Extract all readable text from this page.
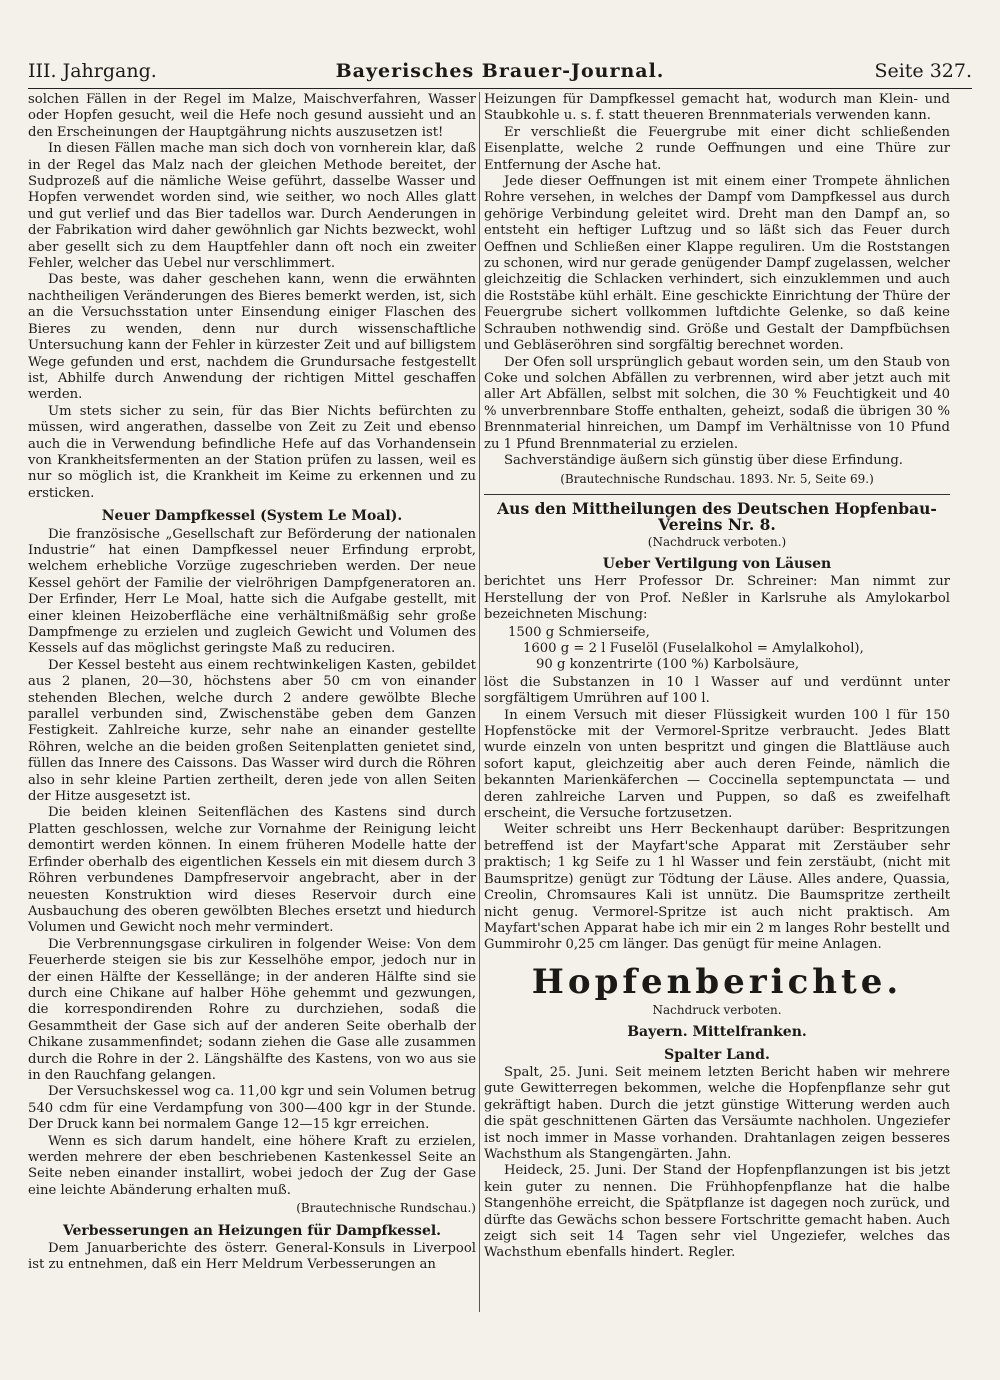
III. Jahrgang.	Bayerisches Brauer-Journal.	Seite 327.

solchen Fällen in der Regel im Malze, Maischverfahren, Wasser oder Hopfen gesucht, weil die Hefe noch gesund aussieht und an den Erscheinungen der Hauptgährung nichts auszusetzen ist!

In diesen Fällen mache man sich doch von vornherein klar, daß in der Regel das Malz nach der gleichen Methode bereitet, der Sudprozeß auf die nämliche Weise geführt, dasselbe Wasser und Hopfen verwendet worden sind, wie seither, wo noch Alles glatt und gut verlief und das Bier tadellos war. Durch Aenderungen in der Fabrikation wird daher gewöhnlich gar Nichts bezweckt, wohl aber gesellt sich zu dem Hauptfehler dann oft noch ein zweiter Fehler, welcher das Uebel nur verschlimmert.

Das beste, was daher geschehen kann, wenn die erwähnten nachtheiligen Veränderungen des Bieres bemerkt werden, ist, sich an die Versuchsstation unter Einsendung einiger Flaschen des Bieres zu wenden, denn nur durch wissenschaftliche Untersuchung kann der Fehler in kürzester Zeit und auf billigstem Wege gefunden und erst, nachdem die Grundursache festgestellt ist, Abhilfe durch Anwendung der richtigen Mittel geschaffen werden.

Um stets sicher zu sein, für das Bier Nichts befürchten zu müssen, wird angerathen, dasselbe von Zeit zu Zeit und ebenso auch die in Verwendung befindliche Hefe auf das Vorhandensein von Krankheitsfermenten an der Station prüfen zu lassen, weil es nur so möglich ist, die Krankheit im Keime zu erkennen und zu ersticken.

Neuer Dampfkessel (System Le Moal).

Die französische „Gesellschaft zur Beförderung der nationalen Industrie“ hat einen Dampfkessel neuer Erfindung erprobt, welchem erhebliche Vorzüge zugeschrieben werden. Der neue Kessel gehört der Familie der vielröhrigen Dampfgeneratoren an. Der Erfinder, Herr Le Moal, hatte sich die Aufgabe gestellt, mit einer kleinen Heizoberfläche eine verhältnißmäßig sehr große Dampfmenge zu erzielen und zugleich Gewicht und Volumen des Kessels auf das möglichst geringste Maß zu reduciren.

Der Kessel besteht aus einem rechtwinkeligen Kasten, gebildet aus 2 planen, 20—30, höchstens aber 50 cm von einander stehenden Blechen, welche durch 2 andere gewölbte Bleche parallel verbunden sind, Zwischenstäbe geben dem Ganzen Festigkeit. Zahlreiche kurze, sehr nahe an einander gestellte Röhren, welche an die beiden großen Seitenplatten genietet sind, füllen das Innere des Caissons. Das Wasser wird durch die Röhren also in sehr kleine Partien zertheilt, deren jede von allen Seiten der Hitze ausgesetzt ist.

Die beiden kleinen Seitenflächen des Kastens sind durch Platten geschlossen, welche zur Vornahme der Reinigung leicht demontirt werden können. In einem früheren Modelle hatte der Erfinder oberhalb des eigentlichen Kessels ein mit diesem durch 3 Röhren verbundenes Dampfreservoir angebracht, aber in der neuesten Konstruktion wird dieses Reservoir durch eine Ausbauchung des oberen gewölbten Bleches ersetzt und hiedurch Volumen und Gewicht noch mehr vermindert.

Die Verbrennungsgase cirkuliren in folgender Weise: Von dem Feuerherde steigen sie bis zur Kesselhöhe empor, jedoch nur in der einen Hälfte der Kessellänge; in der anderen Hälfte sind sie durch eine Chikane auf halber Höhe gehemmt und gezwungen, die korrespondirenden Rohre zu durchziehen, sodaß die Gesammtheit der Gase sich auf der anderen Seite oberhalb der Chikane zusammenfindet; sodann ziehen die Gase alle zusammen durch die Rohre in der 2. Längshälfte des Kastens, von wo aus sie in den Rauchfang gelangen.

Der Versuchskessel wog ca. 11,00 kgr und sein Volumen betrug 540 cdm für eine Verdampfung von 300—400 kgr in der Stunde. Der Druck kann bei normalem Gange 12—15 kgr erreichen.

Wenn es sich darum handelt, eine höhere Kraft zu erzielen, werden mehrere der eben beschriebenen Kastenkessel Seite an Seite neben einander installirt, wobei jedoch der Zug der Gase eine leichte Abänderung erhalten muß.

(Brautechnische Rundschau.)
Verbesserungen an Heizungen für Dampfkessel.

Dem Januarberichte des österr. General-Konsuls in Liverpool ist zu entnehmen, daß ein Herr Meldrum Verbesserungen an

Heizungen für Dampfkessel gemacht hat, wodurch man Klein- und Staubkohle u. s. f. statt theueren Brennmaterials verwenden kann.

Er verschließt die Feuergrube mit einer dicht schließenden Eisenplatte, welche 2 runde Oeffnungen und eine Thüre zur Entfernung der Asche hat.

Jede dieser Oeffnungen ist mit einem einer Trompete ähnlichen Rohre versehen, in welches der Dampf vom Dampfkessel aus durch gehörige Verbindung geleitet wird. Dreht man den Dampf an, so entsteht ein heftiger Luftzug und so läßt sich das Feuer durch Oeffnen und Schließen einer Klappe reguliren. Um die Roststangen zu schonen, wird nur gerade genügender Dampf zugelassen, welcher gleichzeitig die Schlacken verhindert, sich einzuklemmen und auch die Roststäbe kühl erhält. Eine geschickte Einrichtung der Thüre der Feuergrube sichert vollkommen luftdichte Gelenke, so daß keine Schrauben nothwendig sind. Größe und Gestalt der Dampfbüchsen und Gebläseröhren sind sorgfältig berechnet worden.

Der Ofen soll ursprünglich gebaut worden sein, um den Staub von Coke und solchen Abfällen zu verbrennen, wird aber jetzt auch mit aller Art Abfällen, selbst mit solchen, die 30 % Feuchtigkeit und 40 % unverbrennbare Stoffe enthalten, geheizt, sodaß die übrigen 30 % Brennmaterial hinreichen, um Dampf im Verhältnisse von 10 Pfund zu 1 Pfund Brennmaterial zu erzielen.

Sachverständige äußern sich günstig über diese Erfindung.

(Brautechnische Rundschau. 1893. Nr. 5, Seite 69.)
Aus den Mittheilungen des Deutschen Hopfenbau-Vereins Nr. 8.
(Nachdruck verboten.)
Ueber Vertilgung von Läusen

berichtet uns Herr Professor Dr. Schreiner: Man nimmt zur Herstellung der von Prof. Neßler in Karlsruhe als Amylokarbol bezeichneten Mischung:

1500 g Schmierseife,
1600 g = 2 l Fuselöl (Fuselalkohol = Amylalkohol),
90 g konzentrirte (100 %) Karbolsäure,

löst die Substanzen in 10 l Wasser auf und verdünnt unter sorgfältigem Umrühren auf 100 l.

In einem Versuch mit dieser Flüssigkeit wurden 100 l für 150 Hopfenstöcke mit der Vermorel-Spritze verbraucht. Jedes Blatt wurde einzeln von unten bespritzt und gingen die Blattläuse auch sofort kaput, gleichzeitig aber auch deren Feinde, nämlich die bekannten Marienkäferchen — Coccinella septempunctata — und deren zahlreiche Larven und Puppen, so daß es zweifelhaft erscheint, die Versuche fortzusetzen.

Weiter schreibt uns Herr Beckenhaupt darüber: Bespritzungen betreffend ist der Mayfart'sche Apparat mit Zerstäuber sehr praktisch; 1 kg Seife zu 1 hl Wasser und fein zerstäubt, (nicht mit Baumspritze) genügt zur Tödtung der Läuse. Alles andere, Quassia, Creolin, Chromsaures Kali ist unnütz. Die Baumspritze zertheilt nicht genug. Vermorel-Spritze ist auch nicht praktisch. Am Mayfart'schen Apparat habe ich mir ein 2 m langes Rohr bestellt und Gummirohr 0,25 cm länger. Das genügt für meine Anlagen.

Hopfenberichte.
Nachdruck verboten.
Bayern. Mittelfranken.
Spalter Land.

Spalt, 25. Juni. Seit meinem letzten Bericht haben wir mehrere gute Gewitterregen bekommen, welche die Hopfenpflanze sehr gut gekräftigt haben. Durch die jetzt günstige Witterung werden auch die spät geschnittenen Gärten das Versäumte nachholen. Ungeziefer ist noch immer in Masse vorhanden. Drahtanlagen zeigen besseres Wachsthum als Stangengärten. Jahn.

Heideck, 25. Juni. Der Stand der Hopfenpflanzungen ist bis jetzt kein guter zu nennen. Die Frühhopfenpflanze hat die halbe Stangenhöhe erreicht, die Spätpflanze ist dagegen noch zurück, und dürfte das Gewächs schon bessere Fortschritte gemacht haben. Auch zeigt sich seit 14 Tagen sehr viel Ungeziefer, welches das Wachsthum ebenfalls hindert. Regler.
